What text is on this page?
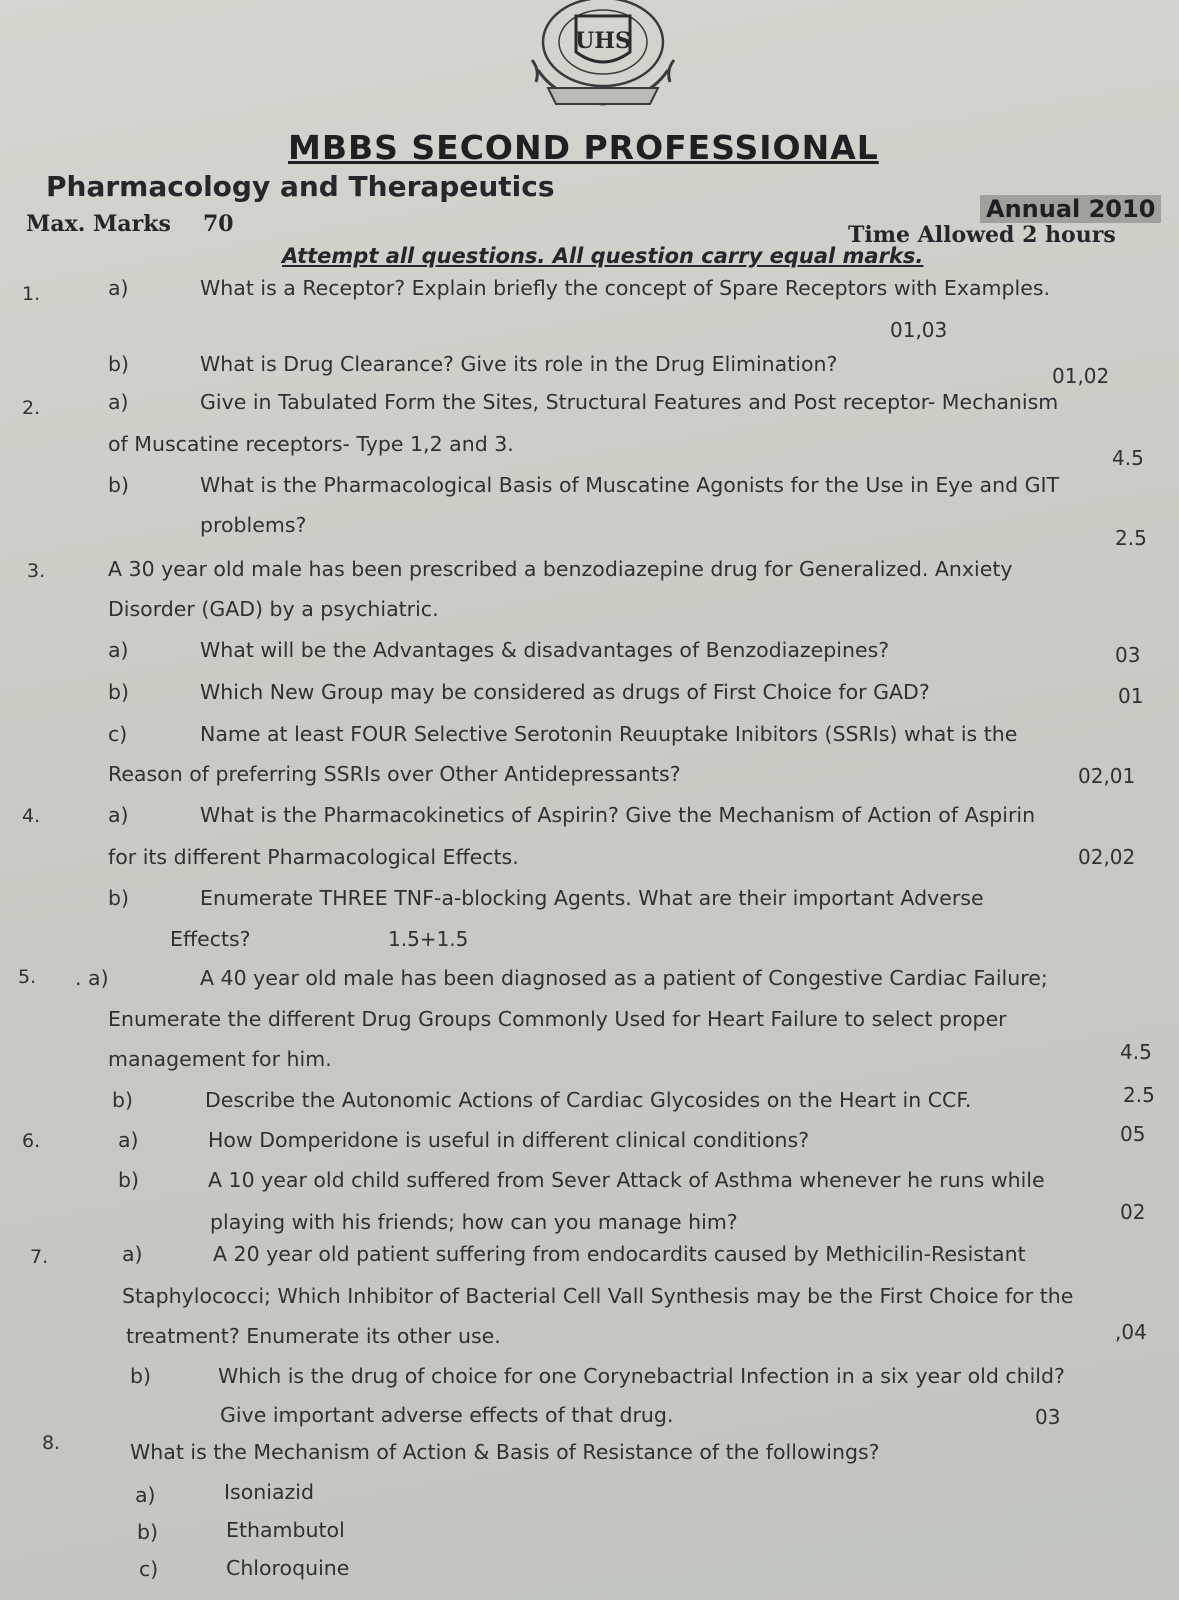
UHS
MBBS SECOND PROFESSIONAL
Pharmacology and Therapeutics
Annual 2010
Max. Marks 70	Time Allowed 2 hours
Attempt all questions. All question carry equal marks.
1.	a)	What is a Receptor? Explain briefly the concept of Spare Receptors with Examples.
01,03
b)	What is Drug Clearance? Give its role in the Drug Elimination?	01,02
2.	a)	Give in Tabulated Form the Sites, Structural Features and Post receptor- Mechanism
of Muscatine receptors- Type 1,2 and 3.
4.5
b)	What is the Pharmacological Basis of Muscatine Agonists for the Use in Eye and GIT
problems?
2.5
3.	A 30 year old male has been prescribed a benzodiazepine drug for Generalized. Anxiety
Disorder (GAD) by a psychiatric.
a)	What will be the Advantages & disadvantages of Benzodiazepines?	03
b)	Which New Group may be considered as drugs of First Choice for GAD?	01
c)	Name at least FOUR Selective Serotonin Reuuptake Inibitors (SSRIs) what is the
Reason of preferring SSRIs over Other Antidepressants?	02,01
4.	a)	What is the Pharmacokinetics of Aspirin? Give the Mechanism of Action of Aspirin
for its different Pharmacological Effects.	02,02
b)	Enumerate THREE TNF-a-blocking Agents. What are their important Adverse
Effects?	1.5+1.5
5. . a)	A 40 year old male has been diagnosed as a patient of Congestive Cardiac Failure;
Enumerate the different Drug Groups Commonly Used for Heart Failure to select proper
management for him.	4.5
b)	Describe the Autonomic Actions of Cardiac Glycosides on the Heart in CCF.	2.5
6.	a)	How Domperidone is useful in different clinical conditions?	05
b)	A 10 year old child suffered from Sever Attack of Asthma whenever he runs while
playing with his friends; how can you manage him?	02
7.	a)	A 20 year old patient suffering from endocardits caused by Methicilin-Resistant
Staphylococci; Which Inhibitor of Bacterial Cell Vall Synthesis may be the First Choice for the
treatment? Enumerate its other use.	,04
b)	Which is the drug of choice for one Corynebactrial Infection in a six year old child?
Give important adverse effects of that drug.	03
8.	What is the Mechanism of Action & Basis of Resistance of the followings?
a)	Isoniazid
b)	Ethambutol
c)	Chloroquine
